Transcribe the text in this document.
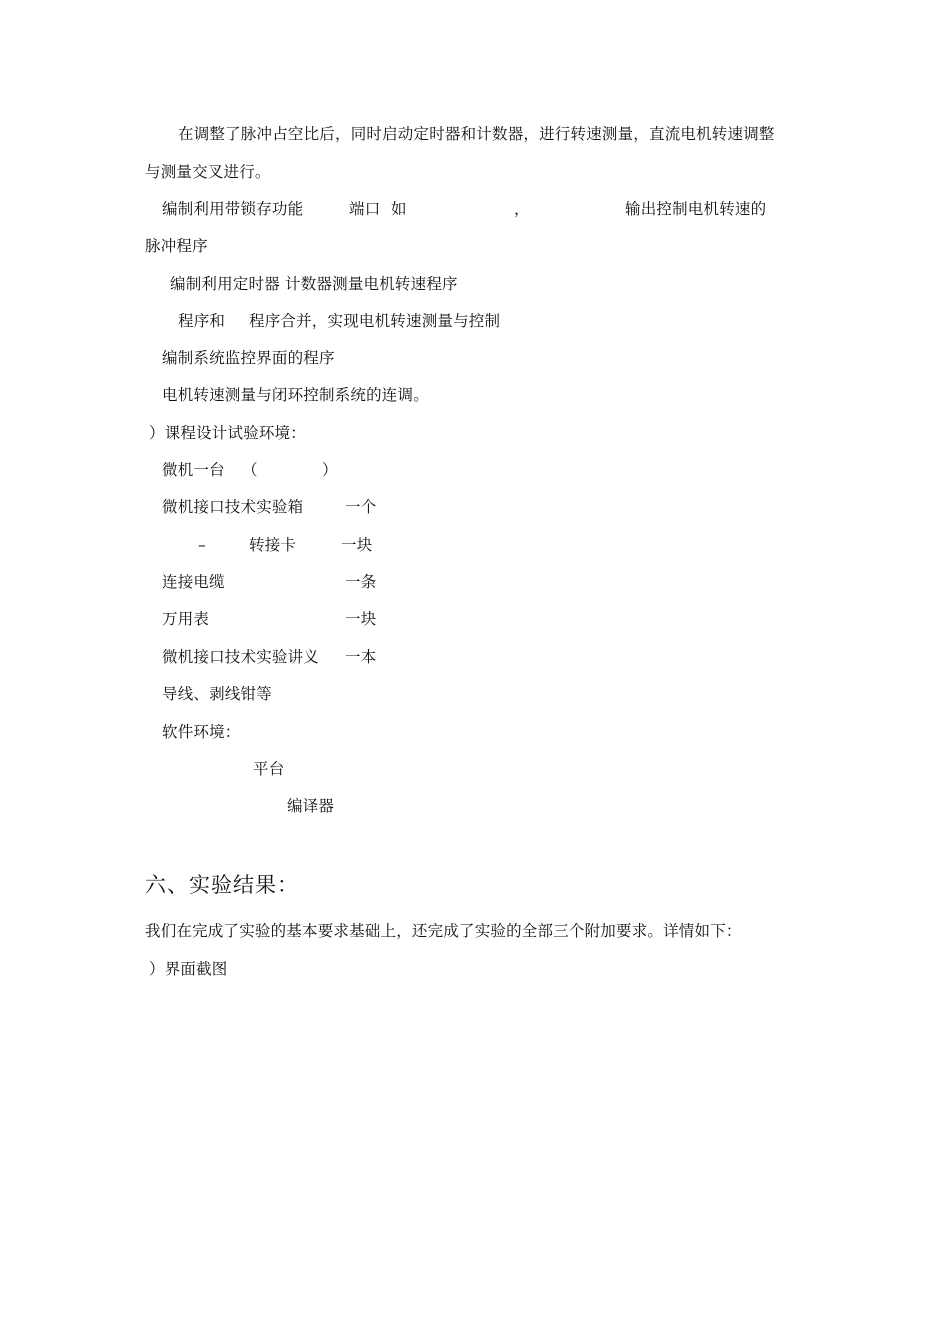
在调整了脉冲占空比后，同时启动定时器和计数器，进行转速测量，直流电机转速调整
与测量交叉进行。
编制利用带锁存功能	端口 如	，	输出控制电机转速的
脉冲程序
编制利用定时器 计数器测量电机转速程序
程序和 程序合并，实现电机转速测量与控制
编制系统监控界面的程序
电机转速测量与闭环控制系统的连调。
）课程设计试验环境：
微机一台 （	）
微机接口技术实验箱	一个
–	转接卡	一块
连接电缆	一条
万用表	一块
微机接口技术实验讲义 一本
导线、剥线钳等
软件环境：
平台
编译器
六、实验结果：
我们在完成了实验的基本要求基础上，还完成了实验的全部三个附加要求。详情如下：
）界面截图
